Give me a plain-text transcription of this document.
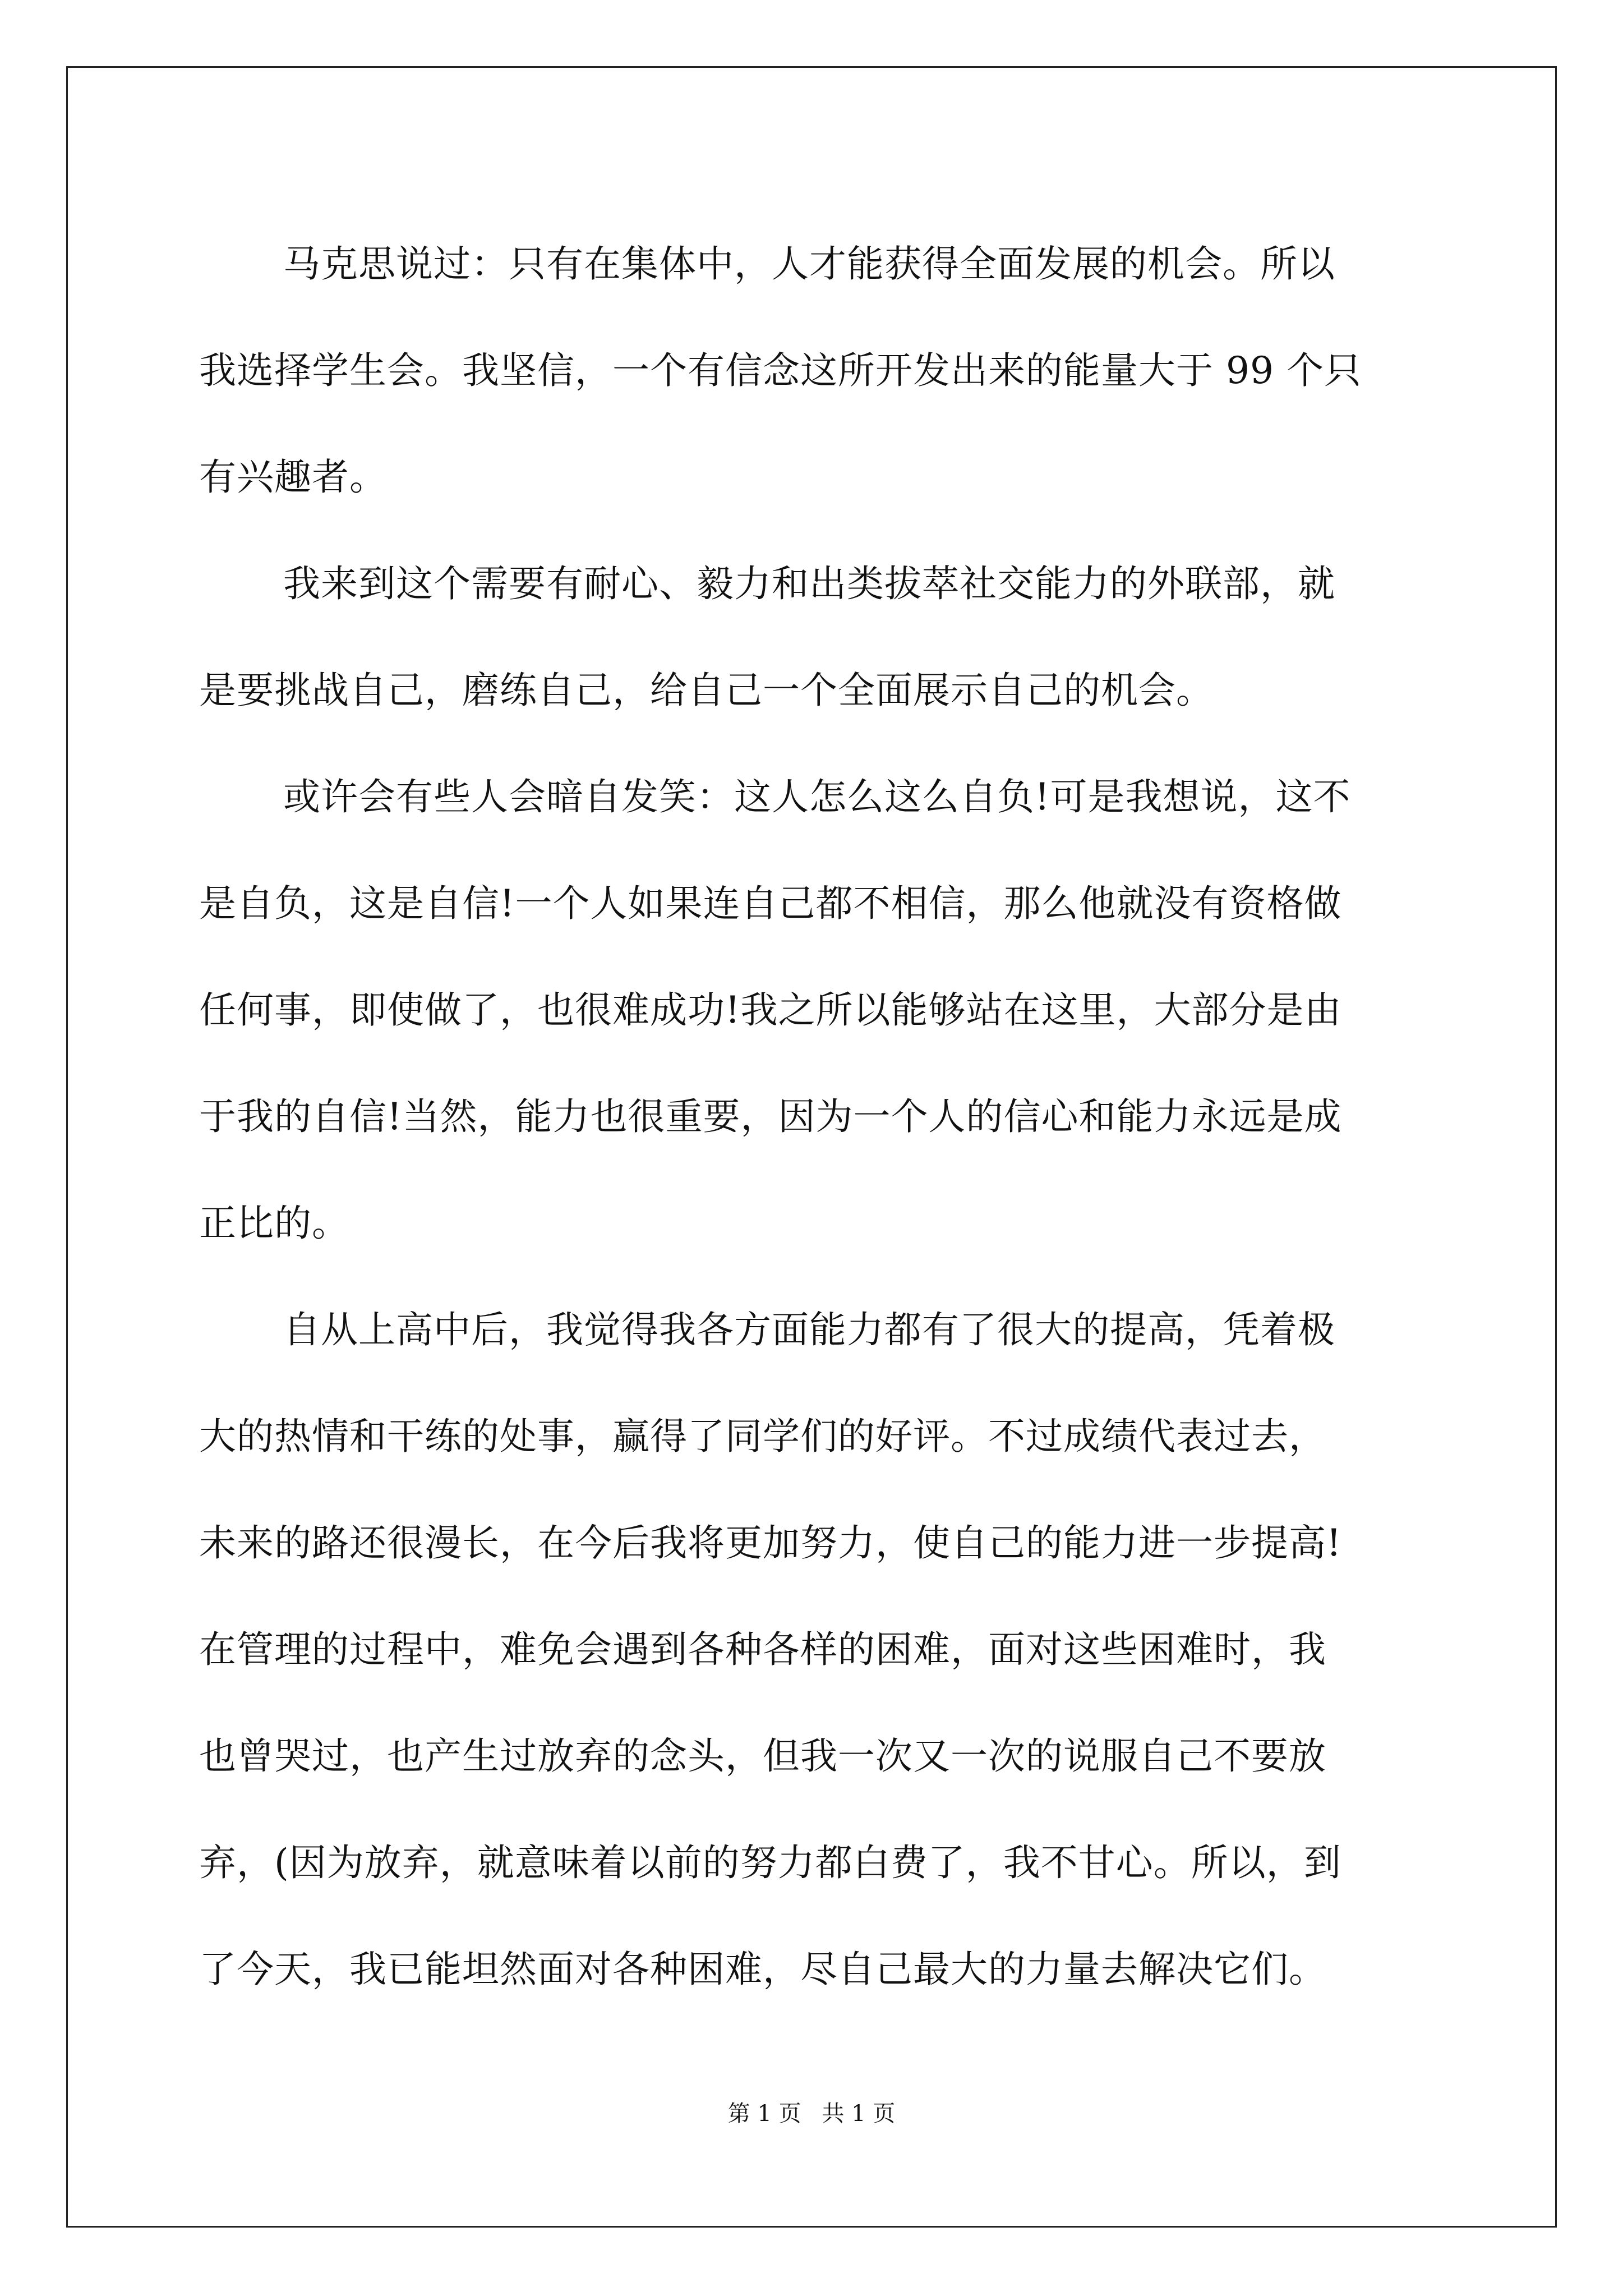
马克思说过：只有在集体中，人才能获得全面发展的机会。所以
我选择学生会。我坚信，一个有信念这所开发出来的能量大于 99 个只
有兴趣者。
我来到这个需要有耐心、毅力和出类拔萃社交能力的外联部，就
是要挑战自己，磨练自己，给自己一个全面展示自己的机会。
或许会有些人会暗自发笑：这人怎么这么自负!可是我想说，这不
是自负，这是自信!一个人如果连自己都不相信，那么他就没有资格做
任何事，即使做了，也很难成功!我之所以能够站在这里，大部分是由
于我的自信!当然，能力也很重要，因为一个人的信心和能力永远是成
正比的。
自从上高中后，我觉得我各方面能力都有了很大的提高，凭着极
大的热情和干练的处事，赢得了同学们的好评。不过成绩代表过去，
未来的路还很漫长，在今后我将更加努力，使自己的能力进一步提高!
在管理的过程中，难免会遇到各种各样的困难，面对这些困难时，我
也曾哭过，也产生过放弃的念头，但我一次又一次的说服自己不要放
弃，(因为放弃，就意味着以前的努力都白费了，我不甘心。所以，到
了今天，我已能坦然面对各种困难，尽自己最大的力量去解决它们。
第 1 页 共 1 页
